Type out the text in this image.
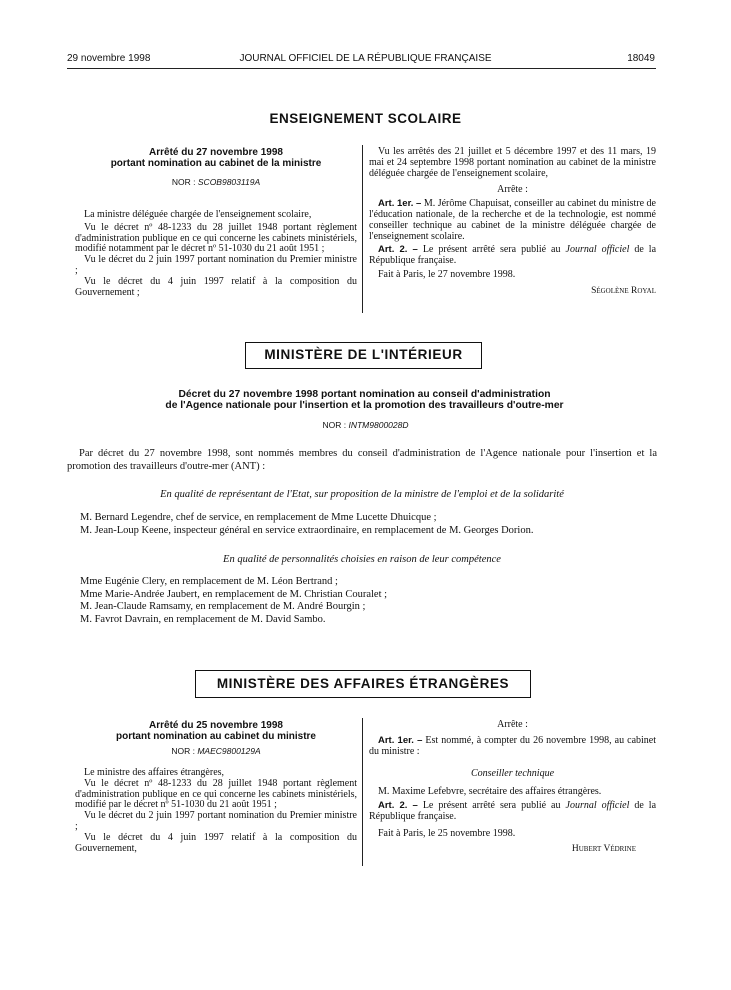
29 novembre 1998	JOURNAL OFFICIEL DE LA RÉPUBLIQUE FRANÇAISE	18049
ENSEIGNEMENT SCOLAIRE
Arrêté du 27 novembre 1998
portant nomination au cabinet de la ministre
NOR : SCOB9803119A

La ministre déléguée chargée de l'enseignement scolaire,

Vu le décret nº 48-1233 du 28 juillet 1948 portant règlement d'administration publique en ce qui concerne les cabinets ministériels, modifié notamment par le décret nº 51-1030 du 21 août 1951 ;

Vu le décret du 2 juin 1997 portant nomination du Premier ministre ;

Vu le décret du 4 juin 1997 relatif à la composition du Gouvernement ;

Vu les arrêtés des 21 juillet et 5 décembre 1997 et des 11 mars, 19 mai et 24 septembre 1998 portant nomination au cabinet de la ministre déléguée chargée de l'enseignement scolaire,

Arrête :

Art. 1er. – M. Jérôme Chapuisat, conseiller au cabinet du ministre de l'éducation nationale, de la recherche et de la technologie, est nommé conseiller technique au cabinet de la ministre déléguée chargée de l'enseignement scolaire.

Art. 2. – Le présent arrêté sera publié au Journal officiel de la République française.

Fait à Paris, le 27 novembre 1998.

Ségolène Royal
MINISTÈRE DE L'INTÉRIEUR
Décret du 27 novembre 1998 portant nomination au conseil d'administration
de l'Agence nationale pour l'insertion et la promotion des travailleurs d'outre-mer
NOR : INTM9800028D

Par décret du 27 novembre 1998, sont nommés membres du conseil d'administration de l'Agence nationale pour l'insertion et la promotion des travailleurs d'outre-mer (ANT) :

En qualité de représentant de l'Etat, sur proposition de la ministre de l'emploi et de la solidarité

M. Bernard Legendre, chef de service, en remplacement de Mme Lucette Dhuicque ;

M. Jean-Loup Keene, inspecteur général en service extraordinaire, en remplacement de M. Georges Dorion.

En qualité de personnalités choisies en raison de leur compétence

Mme Eugénie Clery, en remplacement de M. Léon Bertrand ;

Mme Marie-Andrée Jaubert, en remplacement de M. Christian Couralet ;

M. Jean-Claude Ramsamy, en remplacement de M. André Bourgin ;

M. Favrot Davrain, en remplacement de M. David Sambo.

MINISTÈRE DES AFFAIRES ÉTRANGÈRES
Arrêté du 25 novembre 1998
portant nomination au cabinet du ministre
NOR : MAEC9800129A

Le ministre des affaires étrangères,

Vu le décret nº 48-1233 du 28 juillet 1948 portant règlement d'administration publique en ce qui concerne les cabinets ministériels, modifié par le décret nº 51-1030 du 21 août 1951 ;

Vu le décret du 2 juin 1997 portant nomination du Premier ministre ;

Vu le décret du 4 juin 1997 relatif à la composition du Gouvernement,

Arrête :

Art. 1er. – Est nommé, à compter du 26 novembre 1998, au cabinet du ministre :

Conseiller technique

M. Maxime Lefebvre, secrétaire des affaires étrangères.

Art. 2. – Le présent arrêté sera publié au Journal officiel de la République française.

Fait à Paris, le 25 novembre 1998.

Hubert Védrine
